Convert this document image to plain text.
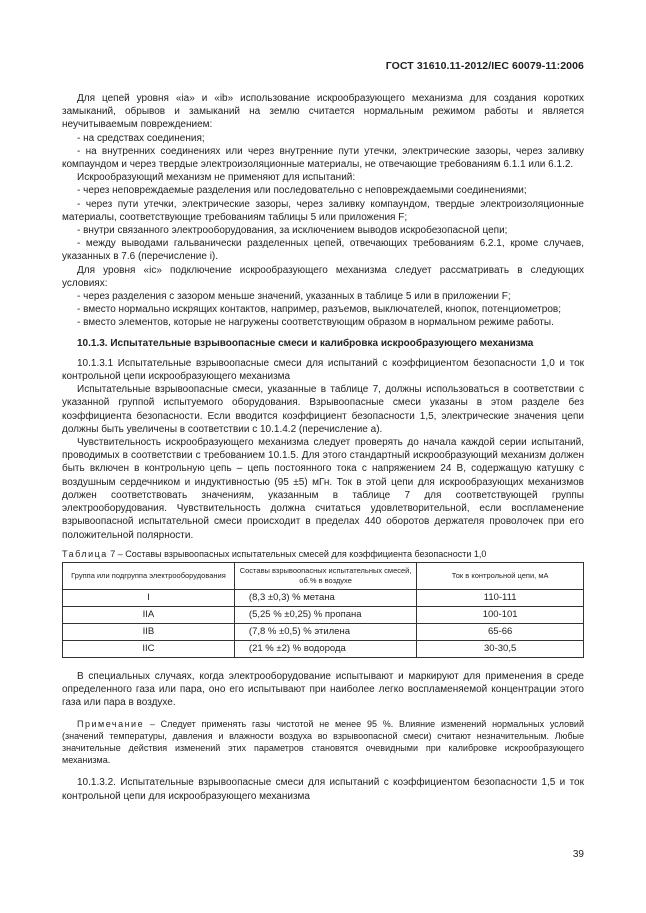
ГОСТ 31610.11-2012/IEC 60079-11:2006

Для цепей уровня «ia» и «ib» использование искрообразующего механизма для создания коротких замыканий, обрывов и замыканий на землю считается нормальным режимом работы и является неучитываемым повреждением:

- на средствах соединения;

- на внутренних соединениях или через внутренние пути утечки, электрические зазоры, через заливку компаундом и через твердые электроизоляционные материалы, не отвечающие требованиям 6.1.1 или 6.1.2.

Искрообразующий механизм не применяют для испытаний:

- через неповреждаемые разделения или последовательно с неповреждаемыми соединениями;

- через пути утечки, электрические зазоры, через заливку компаундом, твердые электроизоляционные материалы, соответствующие требованиям таблицы 5 или приложения F;

- внутри связанного электрооборудования, за исключением выводов искробезопасной цепи;

- между выводами гальванически разделенных цепей, отвечающих требованиям 6.2.1, кроме случаев, указанных в 7.6 (перечисление i).

Для уровня «ic» подключение искрообразующего механизма следует рассматривать в следующих условиях:

- через разделения с зазором меньше значений, указанных в таблице 5 или в приложении F;

- вместо нормально искрящих контактов, например, разъемов, выключателей, кнопок, потенциометров;

- вместо элементов, которые не нагружены соответствующим образом в нормальном режиме работы.

10.1.3. Испытательные взрывоопасные смеси и калибровка искрообразующего механизма

10.1.3.1 Испытательные взрывоопасные смеси для испытаний с коэффициентом безопасности 1,0 и ток контрольной цепи искрообразующего механизма

Испытательные взрывоопасные смеси, указанные в таблице 7, должны использоваться в соответствии с указанной группой испытуемого оборудования. Взрывоопасные смеси указаны в этом разделе без коэффициента безопасности. Если вводится коэффициент безопасности 1,5, электрические значения цепи должны быть увеличены в соответствии с 10.1.4.2 (перечисление а).

Чувствительность искрообразующего механизма следует проверять до начала каждой серии испытаний, проводимых в соответствии с требованием 10.1.5. Для этого стандартный искрообразующий механизм должен быть включен в контрольную цепь – цепь постоянного тока с напряжением 24 В, содержащую катушку с воздушным сердечником и индуктивностью (95 ±5) мГн. Ток в этой цепи для искрообразующих механизмов должен соответствовать значениям, указанным в таблице 7 для соответствующей группы электрооборудования. Чувствительность должна считаться удовлетворительной, если воспламенение взрывоопасной испытательной смеси происходит в пределах 440 оборотов держателя проволочек при его положительной полярности.

Таблица 7 – Составы взрывоопасных испытательных смесей для коэффициента безопасности 1,0
Группа или подгруппа электрооборудования	Составы взрывоопасных испытательных смесей, об.% в воздухе	Ток в контрольной цепи, мА
I	(8,3 ±0,3) % метана	110-111
IIA	(5,25 % ±0,25) % пропана	100-101
IIB	(7,8 % ±0,5) % этилена	65-66
IIC	(21 % ±2) % водорода	30-30,5

В специальных случаях, когда электрооборудование испытывают и маркируют для применения в среде определенного газа или пара, оно его испытывают при наиболее легко воспламеняемой концентрации этого газа или пара в воздухе.

Примечание – Следует применять газы чистотой не менее 95 %. Влияние изменений нормальных условий (значений температуры, давления и влажности воздуха во взрывоопасной смеси) считают незначительным. Любые значительные действия изменений этих параметров становятся очевидными при калибровке искрообразующего механизма.

10.1.3.2. Испытательные взрывоопасные смеси для испытаний с коэффициентом безопасности 1,5 и ток контрольной цепи для искрообразующего механизма

39
